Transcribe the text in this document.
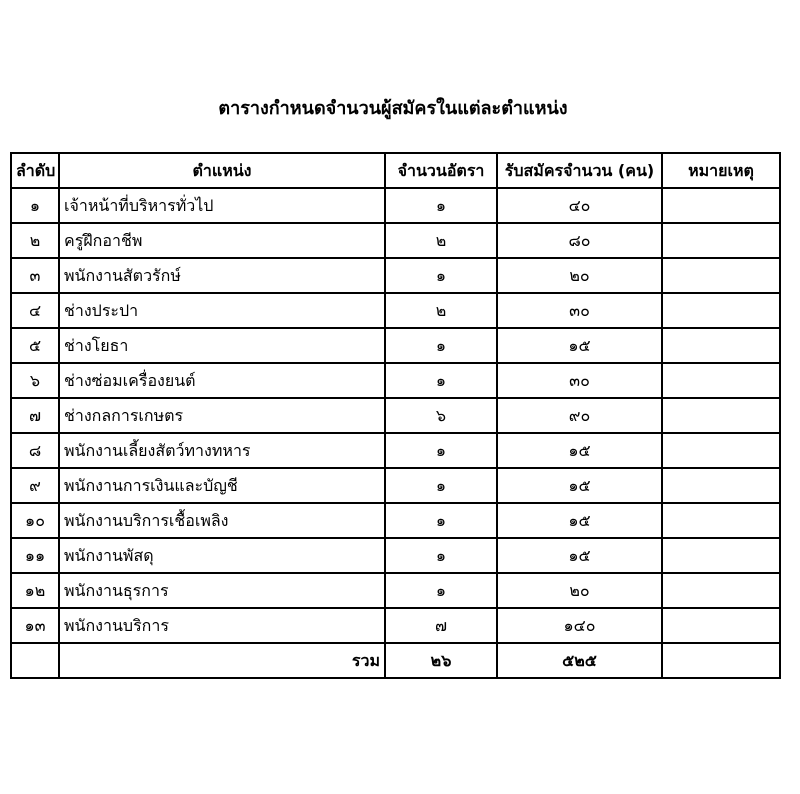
ตารางกำหนดจำนวนผู้สมัครในแต่ละตำแหน่ง
ลำดับ	ตำแหน่ง	จำนวนอัตรา	รับสมัครจำนวน (คน)	หมายเหตุ
๑	เจ้าหน้าที่บริหารทั่วไป	๑	๔๐	
๒	ครูฝึกอาชีพ	๒	๘๐	
๓	พนักงานสัตวรักษ์	๑	๒๐	
๔	ช่างประปา	๒	๓๐	
๕	ช่างโยธา	๑	๑๕	
๖	ช่างซ่อมเครื่องยนต์	๑	๓๐	
๗	ช่างกลการเกษตร	๖	๙๐	
๘	พนักงานเลี้ยงสัตว์ทางทหาร	๑	๑๕	
๙	พนักงานการเงินและบัญชี	๑	๑๕	
๑๐	พนักงานบริการเชื้อเพลิง	๑	๑๕	
๑๑	พนักงานพัสดุ	๑	๑๕	
๑๒	พนักงานธุรการ	๑	๒๐	
๑๓	พนักงานบริการ	๗	๑๔๐	
	รวม	๒๖	๕๒๕	
